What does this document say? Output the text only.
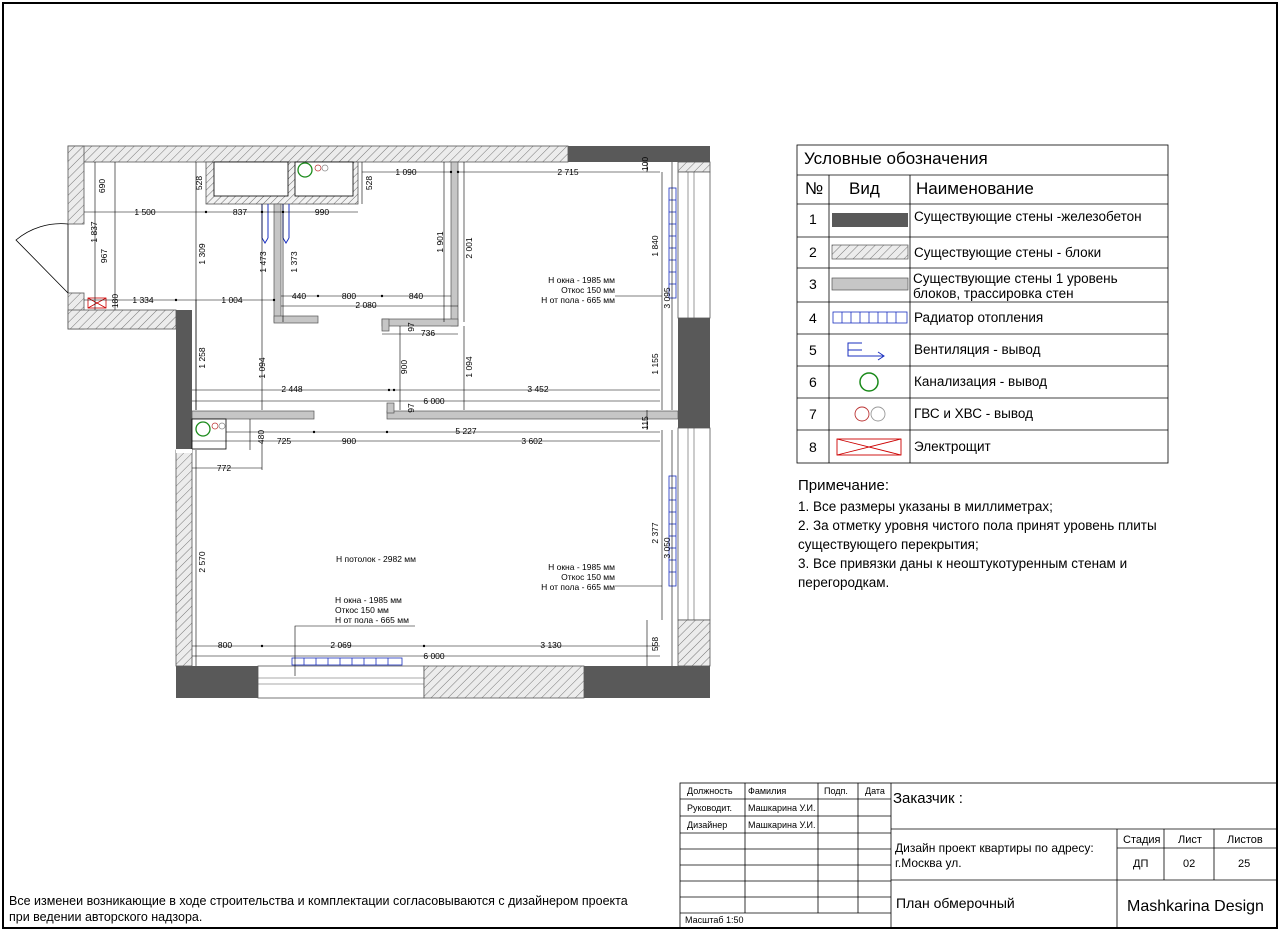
690
1 837
967
180
1 500
528	528
837	990
1 090	2 715
100
1 309	1 473 1 373
1 901 2 001	1 840
3 095
1 334	1 004	440	800	840
2 080
97
736
1 258	1 094	900	1 094	1 155
2 448	3 452
6 000
97
115
480 725	900
5 227
3 602
772
2 570
2 377
3 050
558
800	2 069	3 130
6 000
Н окна - 1985 мм
Откос 150 мм
Н от пола - 665 мм
Н окна - 1985 мм
Откос 150 мм
Н от пола - 665 мм
Н окна - 1985 мм
Откос 150 мм
Н от пола - 665 мм
Н потолок - 2982 мм
Условные обозначения
№ Вид Наименование
1	Существующие стены -железобетон
2	Существующие стены - блоки
3	Существующие стены 1 уровень блоков, трассировка стен
4	Радиатор отопления
5	Вентиляция - вывод
6	Канализация - вывод
7	ГВС и ХВС - вывод
8	Электрощит
Примечание:
1. Все размеры указаны в миллиметрах;
2. За отметку уровня чистого пола принят уровень плиты существующего перекрытия;
3. Все привязки даны к неоштукотуренным стенам и перегородкам.
Все изменеи возникающие в ходе строительства и комплектации согласовываются с дизайнером проекта при ведении авторского надзора.
Должность Фамилия	Подп. Дата
Руководит. Машкарина У.И.
Дизайнер Машкарина У.И.
Масштаб 1:50
Заказчик :
Дизайн проект квартиры по адресу:
г.Москва ул.
Стадия Лист Листов
ДП	02	25
План обмерочный	Mashkarina Design
